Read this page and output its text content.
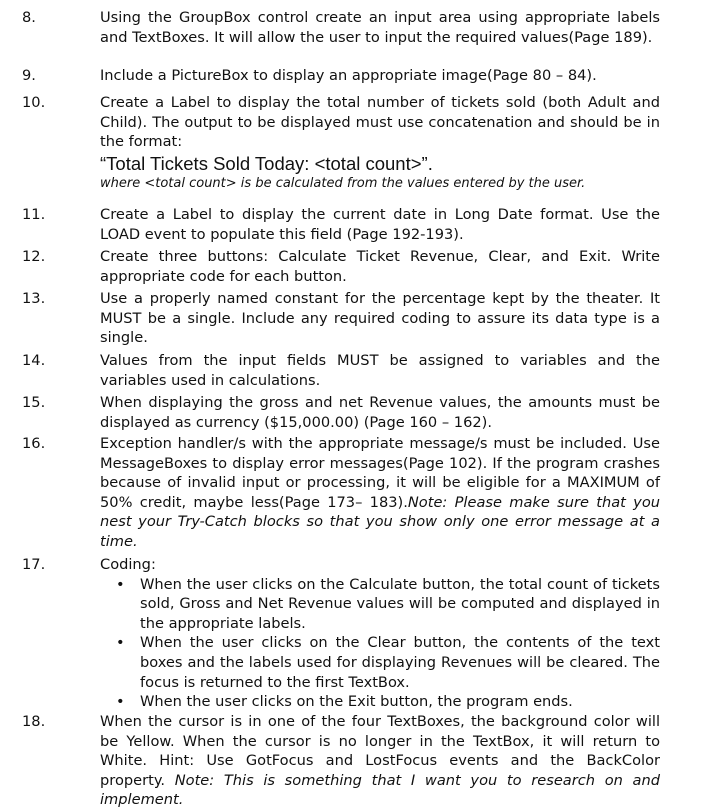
8.	Using the GroupBox control create an input area using appropriate labels and TextBoxes. It will allow the user to input the required values(Page 189).

9.	Include a PictureBox to display an appropriate image(Page 80 – 84).

10.	Create a Label to display the total number of tickets sold (both Adult and Child). The output to be displayed must use concatenation and should be in the format:

“Total Tickets Sold Today: <total count>”.

where <total count> is be calculated from the values entered by the user.

11.	Create a Label to display the current date in Long Date format. Use the LOAD event to populate this field (Page 192-193).

12.	Create three buttons: Calculate Ticket Revenue, Clear, and Exit. Write appropriate code for each button.

13.	Use a properly named constant for the percentage kept by the theater. It MUST be a single. Include any required coding to assure its data type is a single.

14.	Values from the input fields MUST be assigned to variables and the variables used in calculations.

15.	When displaying the gross and net Revenue values, the amounts must be displayed as currency ($15,000.00) (Page 160 – 162).

16.	Exception handler/s with the appropriate message/s must be included. Use MessageBoxes to display error messages(Page 102). If the program crashes because of invalid input or processing, it will be eligible for a MAXIMUM of 50% credit, maybe less(Page 173– 183).Note: Please make sure that you nest your Try-Catch blocks so that you show only one error message at a time.

17.	Coding:

• When the user clicks on the Calculate button, the total count of tickets sold, Gross and Net Revenue values will be computed and displayed in the appropriate labels.
• When the user clicks on the Clear button, the contents of the text boxes and the labels used for displaying Revenues will be cleared. The focus is returned to the first TextBox.
• When the user clicks on the Exit button, the program ends.
18.	When the cursor is in one of the four TextBoxes, the background color will be Yellow. When the cursor is no longer in the TextBox, it will return to White. Hint: Use GotFocus and LostFocus events and the BackColor property. Note: This is something that I want you to research on and implement.
